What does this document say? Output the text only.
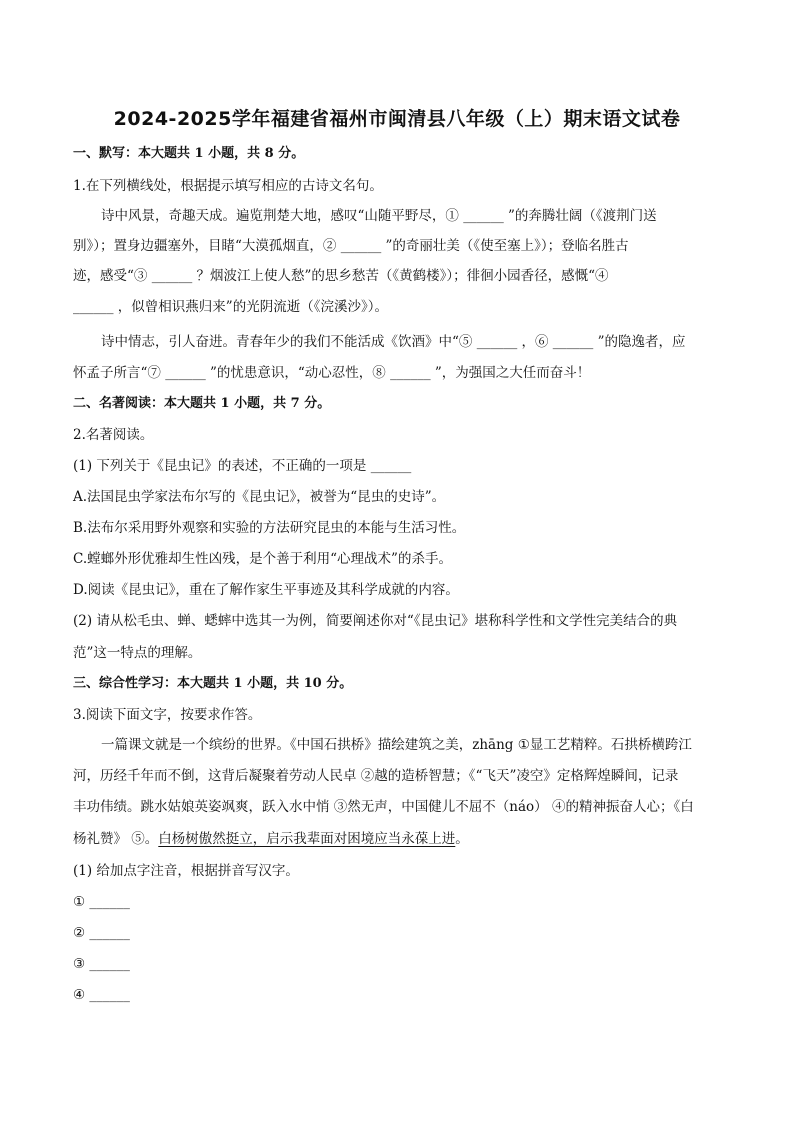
2024-2025学年福建省福州市闽清县八年级（上）期末语文试卷
一、默写：本大题共 1 小题，共 8 分。
1.在下列横线处，根据提示填写相应的古诗文名句。
诗中风景，奇趣天成。遍览荆楚大地，感叹“山随平野尽，① ______ ”的奔腾壮阔（《渡荆门送
别》）；置身边疆塞外，目睹“大漠孤烟直，② ______ ”的奇丽壮美（《使至塞上》）；登临名胜古
迹，感受“③ ______ ？烟波江上使人愁”的思乡愁苦（《黄鹤楼》）；徘徊小园香径，感慨“④
______ ，似曾相识燕归来”的光阴流逝（《浣溪沙》）。
诗中情志，引人奋进。青春年少的我们不能活成《饮酒》中“⑤ ______ ，⑥ ______ ”的隐逸者，应
怀孟子所言“⑦ ______ ”的忧患意识，“动心忍性，⑧ ______ ”，为强国之大任而奋斗！
二、名著阅读：本大题共 1 小题，共 7 分。
2.名著阅读。
(1) 下列关于《昆虫记》的表述，不正确的一项是 ______
A.法国昆虫学家法布尔写的《昆虫记》，被誉为“昆虫的史诗”。
B.法布尔采用野外观察和实验的方法研究昆虫的本能与生活习性。
C.螳螂外形优雅却生性凶残，是个善于利用“心理战术”的杀手。
D.阅读《昆虫记》，重在了解作家生平事迹及其科学成就的内容。
(2) 请从松毛虫、蝉、蟋蟀中选其一为例，简要阐述你对“《昆虫记》堪称科学性和文学性完美结合的典
范”这一特点的理解。
三、综合性学习：本大题共 1 小题，共 10 分。
3.阅读下面文字，按要求作答。
一篇课文就是一个缤纷的世界。《中国石拱桥》描绘建筑之美，zhāng ①显工艺精粹。石拱桥横跨江
河，历经千年而不倒，这背后凝聚着劳动人民卓 ②越的造桥智慧；《“飞天”凌空》定格辉煌瞬间，记录
丰功伟绩。跳水姑娘英姿飒爽，跃入水中悄 ③然无声，中国健儿不屈不（náo） ④的精神振奋人心；《白
杨礼赞》 ⑤。白杨树傲然挺立，启示我辈面对困境应当永葆上进。
(1) 给加点字注音，根据拼音写汉字。
① ______
② ______
③ ______
④ ______
